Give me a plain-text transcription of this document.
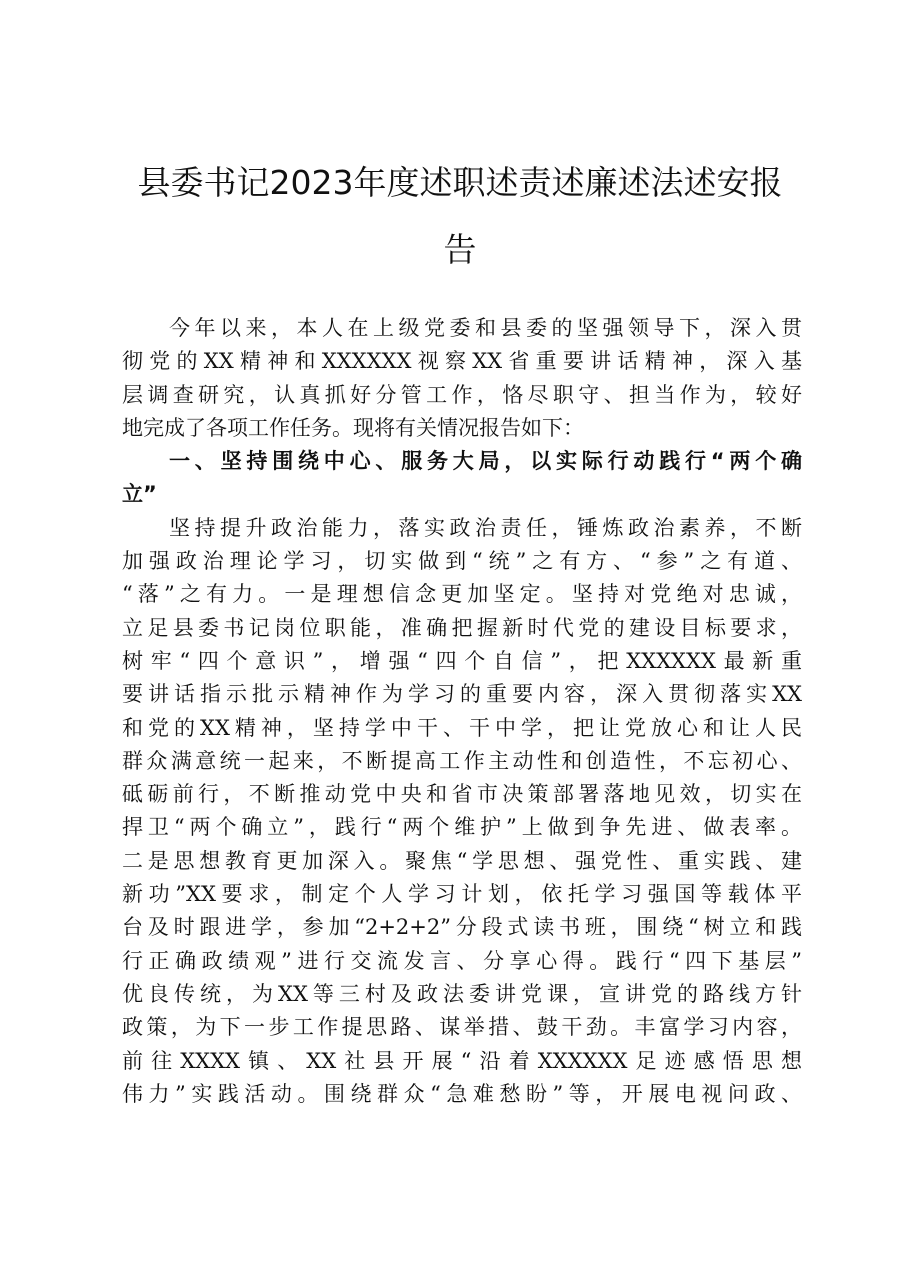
县委书记2023年度述职述责述廉述法述安报
告
今年以来，本人在上级党委和县委的坚强领导下，深入贯
彻党的XX精神和XXXXXX视察XX省重要讲话精神，深入基
层调查研究，认真抓好分管工作，恪尽职守、担当作为，较好
地完成了各项工作任务。现将有关情况报告如下：
一、坚持围绕中心、服务大局，以实际行动践行“两个确
立”
坚持提升政治能力，落实政治责任，锤炼政治素养，不断
加强政治理论学习，切实做到“统”之有方、“参”之有道、
“落”之有力。一是理想信念更加坚定。坚持对党绝对忠诚，
立足县委书记岗位职能，准确把握新时代党的建设目标要求，
树牢“四个意识”，增强“四个自信”，把XXXXXX最新重
要讲话指示批示精神作为学习的重要内容，深入贯彻落实XX
和党的XX精神，坚持学中干、干中学，把让党放心和让人民
群众满意统一起来，不断提高工作主动性和创造性，不忘初心、
砥砺前行，不断推动党中央和省市决策部署落地见效，切实在
捍卫“两个确立”，践行“两个维护”上做到争先进、做表率。
二是思想教育更加深入。聚焦“学思想、强党性、重实践、建
新功”XX要求，制定个人学习计划，依托学习强国等载体平
台及时跟进学，参加“2+2+2”分段式读书班，围绕“树立和践
行正确政绩观”进行交流发言、分享心得。践行“四下基层”
优良传统，为XX等三村及政法委讲党课，宣讲党的路线方针
政策，为下一步工作提思路、谋举措、鼓干劲。丰富学习内容，
前往XXXX镇、XX社县开展“沿着XXXXXX足迹感悟思想
伟力”实践活动。围绕群众“急难愁盼”等，开展电视问政、
